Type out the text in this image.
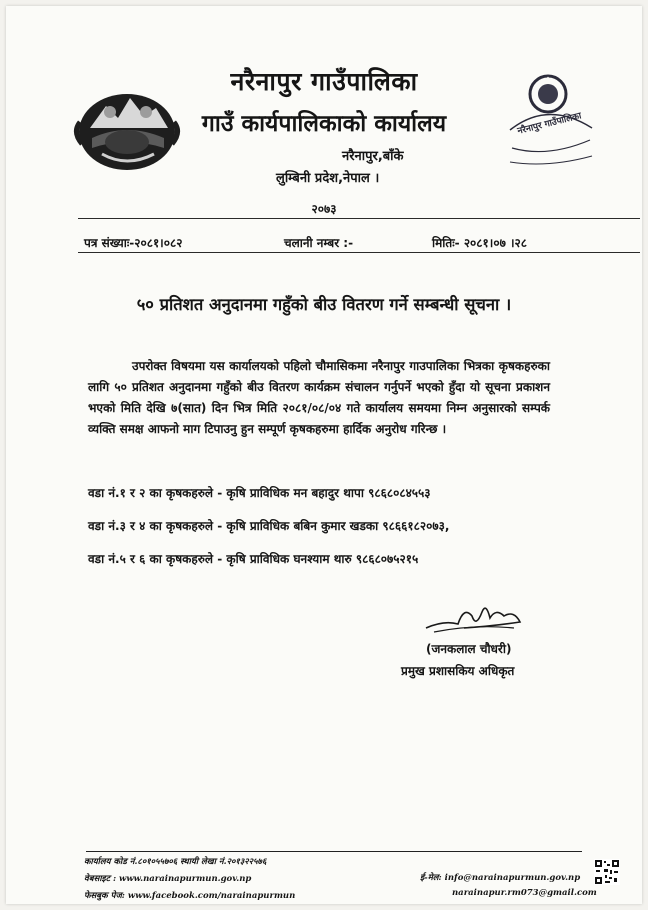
नरैनापुर गाउँपालिका
नरैनापुर गाउँपालिका
गाउँ कार्यपालिकाको कार्यालय
नरैनापुर,बाँके
लुम्बिनी प्रदेश,नेपाल ।
२०७३
पत्र संख्याः-२०८१।०८२	चलानी नम्बर :-	मितिः- २०८१।०७ ।२८
५० प्रतिशत अनुदानमा गहुँको बीउ वितरण गर्ने सम्बन्धी सूचना ।

उपरोक्त विषयमा यस कार्यालयको पहिलो चौमासिकमा नरैनापुर गाउपालिका भित्रका कृषकहरुका लागि ५० प्रतिशत अनुदानमा गहुँको बीउ वितरण कार्यक्रम संचालन गर्नुपर्ने भएको हुँदा यो सूचना प्रकाशन भएको मिति देखि ७(सात) दिन भित्र मिति २०८१/०८/०४ गते कार्यालय समयमा निम्न अनुसारको सम्पर्क व्यक्ति समक्ष आफनो माग टिपाउनु हुन सम्पूर्ण कृषकहरुमा हार्दिक अनुरोध गरिन्छ ।

वडा नं.१ र २ का कृषकहरुले - कृषि प्राविधिक मन बहादुर थापा ९८६८०८४५५३
वडा नं.३ र ४ का कृषकहरुले - कृषि प्राविधिक बबिन कुमार खडका ९८६६१८२०७३,
वडा नं.५ र ६ का कृषकहरुले - कृषि प्राविधिक घनश्याम थारु ९८६८०७५२१५
(जनकलाल चौधरी)
प्रमुख प्रशासकिय अधिकृत
कार्यालय कोड नं.८०१०५५७०६ स्थायी लेखा नं.२०१३२२५७६
वेबसाइट : www.narainapurmun.gov.np
फेसबुक पेज: www.facebook.com/narainapurmun
ई-मेल: info@narainapurmun.gov.np
narainapur.rm073@gmail.com
